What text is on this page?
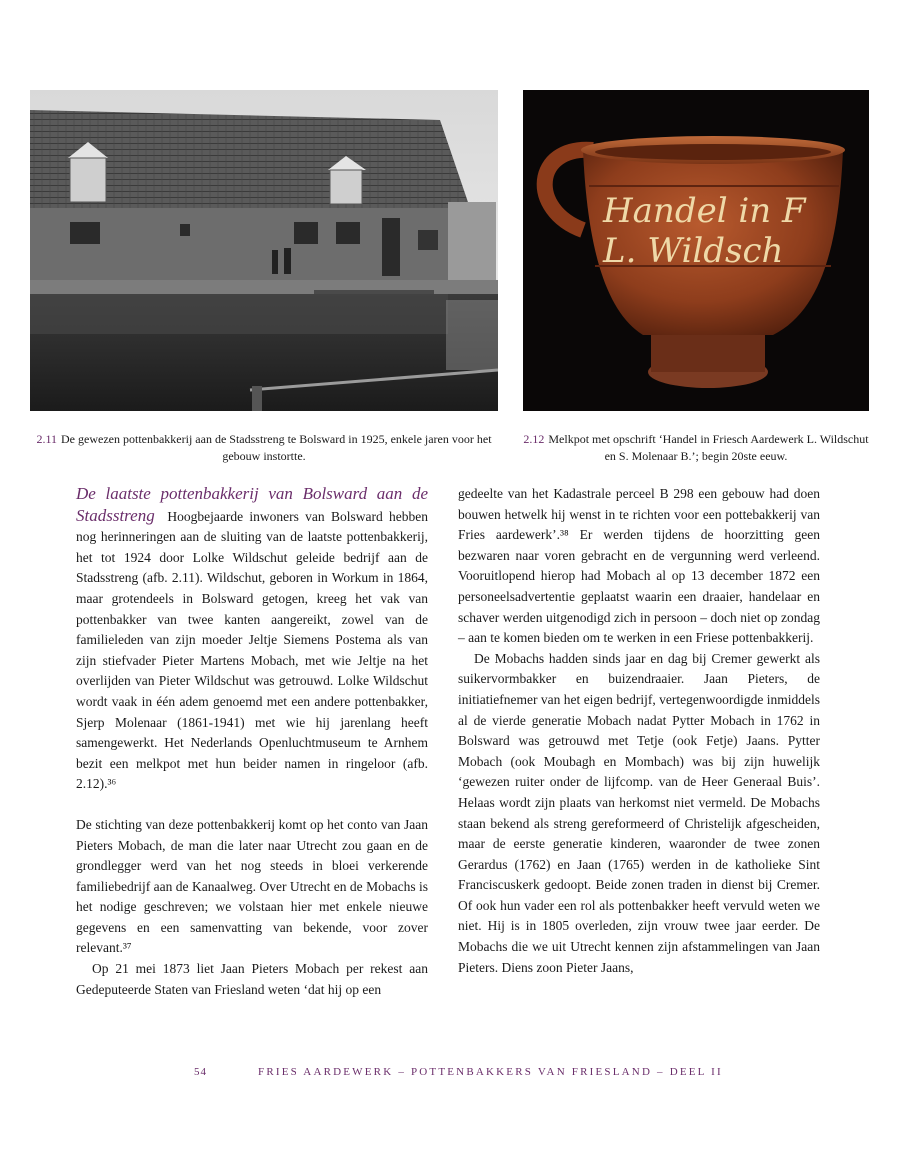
Handel in F
L. Wildsch
2.11 De gewezen pottenbakkerij aan de Stadsstreng te Bolsward in 1925, enkele jaren voor het gebouw instortte.
2.12 Melkpot met opschrift ‘Handel in Friesch Aardewerk L. Wildschut en S. Molenaar B.’; begin 20ste eeuw.

De laatste pottenbakkerij van Bolsward aan de Stadsstreng Hoogbejaarde inwoners van Bolsward hebben nog herinneringen aan de sluiting van de laatste pottenbakkerij, het tot 1924 door Lolke Wildschut geleide bedrijf aan de Stadsstreng (afb. 2.11). Wildschut, geboren in Workum in 1864, maar grotendeels in Bolsward getogen, kreeg het vak van pottenbakker van twee kanten aangereikt, zowel van de familieleden van zijn moeder Jeltje Siemens Postema als van zijn stiefvader Pieter Martens Mobach, met wie Jeltje na het overlijden van Pieter Wildschut was getrouwd. Lolke Wildschut wordt vaak in één adem genoemd met een andere pottenbakker, Sjerp Molenaar (1861-1941) met wie hij jarenlang heeft samengewerkt. Het Nederlands Openluchtmuseum te Arnhem bezit een melkpot met hun beider namen in ringeloor (afb. 2.12).³⁶

De stichting van deze pottenbakkerij komt op het conto van Jaan Pieters Mobach, de man die later naar Utrecht zou gaan en de grondlegger werd van het nog steeds in bloei verkerende familiebedrijf aan de Kanaalweg. Over Utrecht en de Mobachs is het nodige geschreven; we volstaan hier met enkele nieuwe gegevens en een samenvatting van bekende, voor zover relevant.³⁷

Op 21 mei 1873 liet Jaan Pieters Mobach per rekest aan Gedeputeerde Staten van Friesland weten ‘dat hij op een

gedeelte van het Kadastrale perceel B 298 een gebouw had doen bouwen hetwelk hij wenst in te richten voor een pottebakkerij van Fries aardewerk’.³⁸ Er werden tijdens de hoorzitting geen bezwaren naar voren gebracht en de vergunning werd verleend. Vooruitlopend hierop had Mobach al op 13 december 1872 een personeelsadvertentie geplaatst waarin een draaier, handelaar en schaver werden uitgenodigd zich in persoon – doch niet op zondag – aan te komen bieden om te werken in een Friese pottenbakkerij.

De Mobachs hadden sinds jaar en dag bij Cremer gewerkt als suikervormbakker en buizendraaier. Jaan Pieters, de initiatiefnemer van het eigen bedrijf, vertegenwoordigde inmiddels al de vierde generatie Mobach nadat Pytter Mobach in 1762 in Bolsward was getrouwd met Tetje (ook Fetje) Jaans. Pytter Mobach (ook Moubagh en Mombach) was bij zijn huwelijk ‘gewezen ruiter onder de lijfcomp. van de Heer Generaal Buis’. Helaas wordt zijn plaats van herkomst niet vermeld. De Mobachs staan bekend als streng gereformeerd of Christelijk afgescheiden, maar de eerste generatie kinderen, waaronder de twee zonen Gerardus (1762) en Jaan (1765) werden in de katholieke Sint Franciscuskerk gedoopt. Beide zonen traden in dienst bij Cremer. Of ook hun vader een rol als pottenbakker heeft vervuld weten we niet. Hij is in 1805 overleden, zijn vrouw twee jaar eerder. De Mobachs die we uit Utrecht kennen zijn afstammelingen van Jaan Pieters. Diens zoon Pieter Jaans,

54	FRIES AARDEWERK – POTTENBAKKERS VAN FRIESLAND – DEEL II
